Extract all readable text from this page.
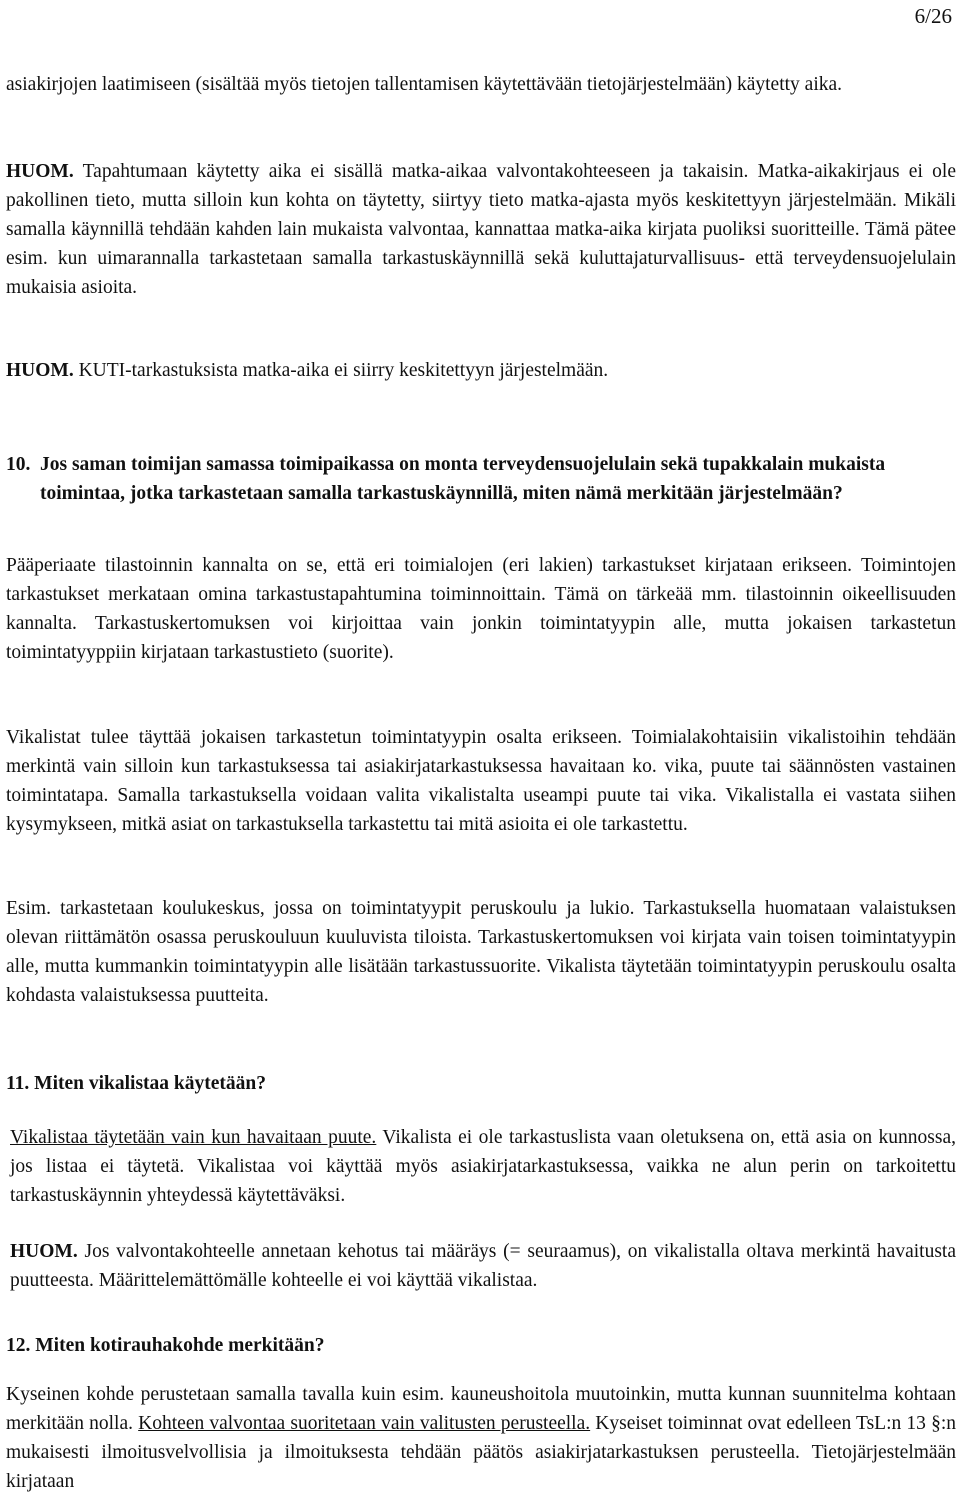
6/26

asiakirjojen laatimiseen (sisältää myös tietojen tallentamisen käytettävään tietojärjestelmään) käytetty aika.

HUOM. Tapahtumaan käytetty aika ei sisällä matka-aikaa valvontakohteeseen ja takaisin. Matka-aikakirjaus ei ole pakollinen tieto, mutta silloin kun kohta on täytetty, siirtyy tieto matka-ajasta myös keskitettyyn järjestelmään. Mikäli samalla käynnillä tehdään kahden lain mukaista valvontaa, kannattaa matka-aika kirjata puoliksi suoritteille. Tämä pätee esim. kun uimarannalla tarkastetaan samalla tarkastuskäynnillä sekä kuluttajaturvallisuus- että terveydensuojelulain mukaisia asioita.

HUOM. KUTI-tarkastuksista matka-aika ei siirry keskitettyyn järjestelmään.

10. Jos saman toimijan samassa toimipaikassa on monta terveydensuojelulain sekä tupakkalain mukaista toimintaa, jotka tarkastetaan samalla tarkastuskäynnillä, miten nämä merkitään järjestelmään?

Pääperiaate tilastoinnin kannalta on se, että eri toimialojen (eri lakien) tarkastukset kirjataan erikseen. Toimintojen tarkastukset merkataan omina tarkastustapahtumina toiminnoittain. Tämä on tärkeää mm. tilastoinnin oikeellisuuden kannalta. Tarkastuskertomuksen voi kirjoittaa vain jonkin toimintatyypin alle, mutta jokaisen tarkastetun toimintatyyppiin kirjataan tarkastustieto (suorite).

Vikalistat tulee täyttää jokaisen tarkastetun toimintatyypin osalta erikseen. Toimialakohtaisiin vikalistoihin tehdään merkintä vain silloin kun tarkastuksessa tai asiakirjatarkastuksessa havaitaan ko. vika, puute tai säännösten vastainen toimintatapa. Samalla tarkastuksella voidaan valita vikalistalta useampi puute tai vika. Vikalistalla ei vastata siihen kysymykseen, mitkä asiat on tarkastuksella tarkastettu tai mitä asioita ei ole tarkastettu.

Esim. tarkastetaan koulukeskus, jossa on toimintatyypit peruskoulu ja lukio. Tarkastuksella huomataan valaistuksen olevan riittämätön osassa peruskouluun kuuluvista tiloista. Tarkastuskertomuksen voi kirjata vain toisen toimintatyypin alle, mutta kummankin toimintatyypin alle lisätään tarkastussuorite. Vikalista täytetään toimintatyypin peruskoulu osalta kohdasta valaistuksessa puutteita.

11. Miten vikalistaa käytetään?

Vikalistaa täytetään vain kun havaitaan puute. Vikalista ei ole tarkastuslista vaan oletuksena on, että asia on kunnossa, jos listaa ei täytetä. Vikalistaa voi käyttää myös asiakirjatarkastuksessa, vaikka ne alun perin on tarkoitettu tarkastuskäynnin yhteydessä käytettäväksi.

HUOM. Jos valvontakohteelle annetaan kehotus tai määräys (= seuraamus), on vikalistalla oltava merkintä havaitusta puutteesta. Määrittelemättömälle kohteelle ei voi käyttää vikalistaa.

12. Miten kotirauhakohde merkitään?

Kyseinen kohde perustetaan samalla tavalla kuin esim. kauneushoitola muutoinkin, mutta kunnan suunnitelma kohtaan merkitään nolla. Kohteen valvontaa suoritetaan vain valitusten perusteella. Kyseiset toiminnat ovat edelleen TsL:n 13 §:n mukaisesti ilmoitusvelvollisia ja ilmoituksesta tehdään päätös asiakirjatarkastuksen perusteella. Tietojärjestelmään kirjataan
